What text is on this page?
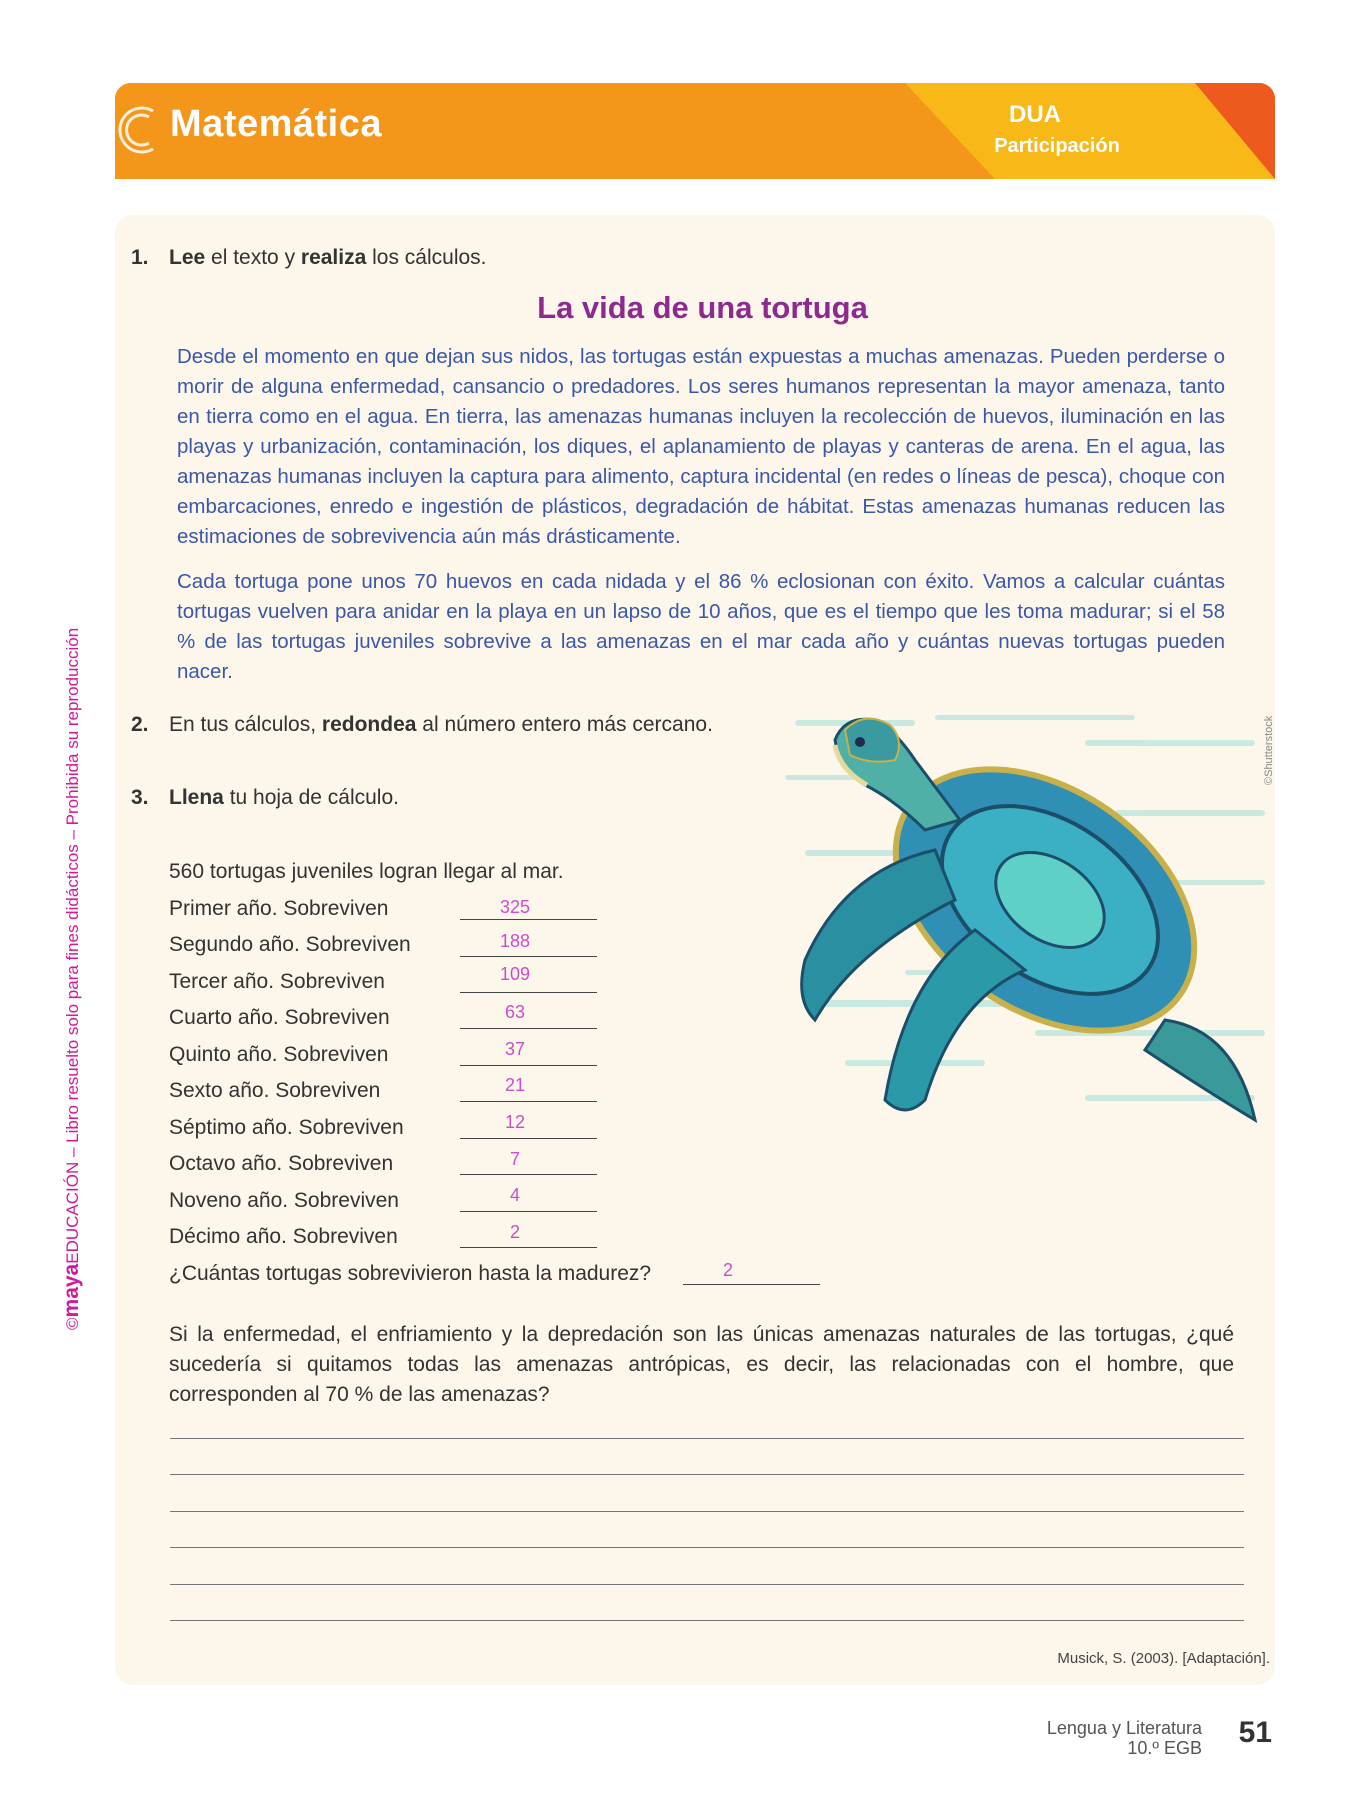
Matemática	DUA
Participación
©mayaEDUCACIÓN – Libro resuelto solo para fines didácticos – Prohibida su reproducción
1. Lee el texto y realiza los cálculos.
La vida de una tortuga
Desde el momento en que dejan sus nidos, las tortugas están expuestas a muchas amenazas. Pueden perderse o morir de alguna enfermedad, cansancio o predadores. Los seres humanos representan la mayor amenaza, tanto en tierra como en el agua. En tierra, las amenazas humanas incluyen la recolección de huevos, iluminación en las playas y urbanización, contaminación, los diques, el aplanamiento de playas y canteras de arena. En el agua, las amenazas humanas incluyen la captura para alimento, captura incidental (en redes o líneas de pesca), choque con embarcaciones, enredo e ingestión de plásticos, degradación de hábitat. Estas amenazas humanas reducen las estimaciones de sobrevivencia aún más drásticamente.
Cada tortuga pone unos 70 huevos en cada nidada y el 86 % eclosionan con éxito. Vamos a calcular cuántas tortugas vuelven para anidar en la playa en un lapso de 10 años, que es el tiempo que les toma madurar; si el 58 % de las tortugas juveniles sobrevive a las amenazas en el mar cada año y cuántas nuevas tortugas pueden nacer.
2. En tus cálculos, redondea al número entero más cercano.
3. Llena tu hoja de cálculo.
560 tortugas juveniles logran llegar al mar.
Primer año. Sobreviven	325
Segundo año. Sobreviven	188
Tercer año. Sobreviven	109
Cuarto año. Sobreviven	63
Quinto año. Sobreviven	37
Sexto año. Sobreviven	21
Séptimo año. Sobreviven	12
Octavo año. Sobreviven	7
Noveno año. Sobreviven	4
Décimo año. Sobreviven	2
¿Cuántas tortugas sobrevivieron hasta la madurez?	2
Si la enfermedad, el enfriamiento y la depredación son las únicas amenazas naturales de las tortugas, ¿qué sucedería si quitamos todas las amenazas antrópicas, es decir, las relacionadas con el hombre, que corresponden al 70 % de las amenazas?
Musick, S. (2003). [Adaptación].
©Shutterstock
Lengua y Literatura
10.º EGB 51
